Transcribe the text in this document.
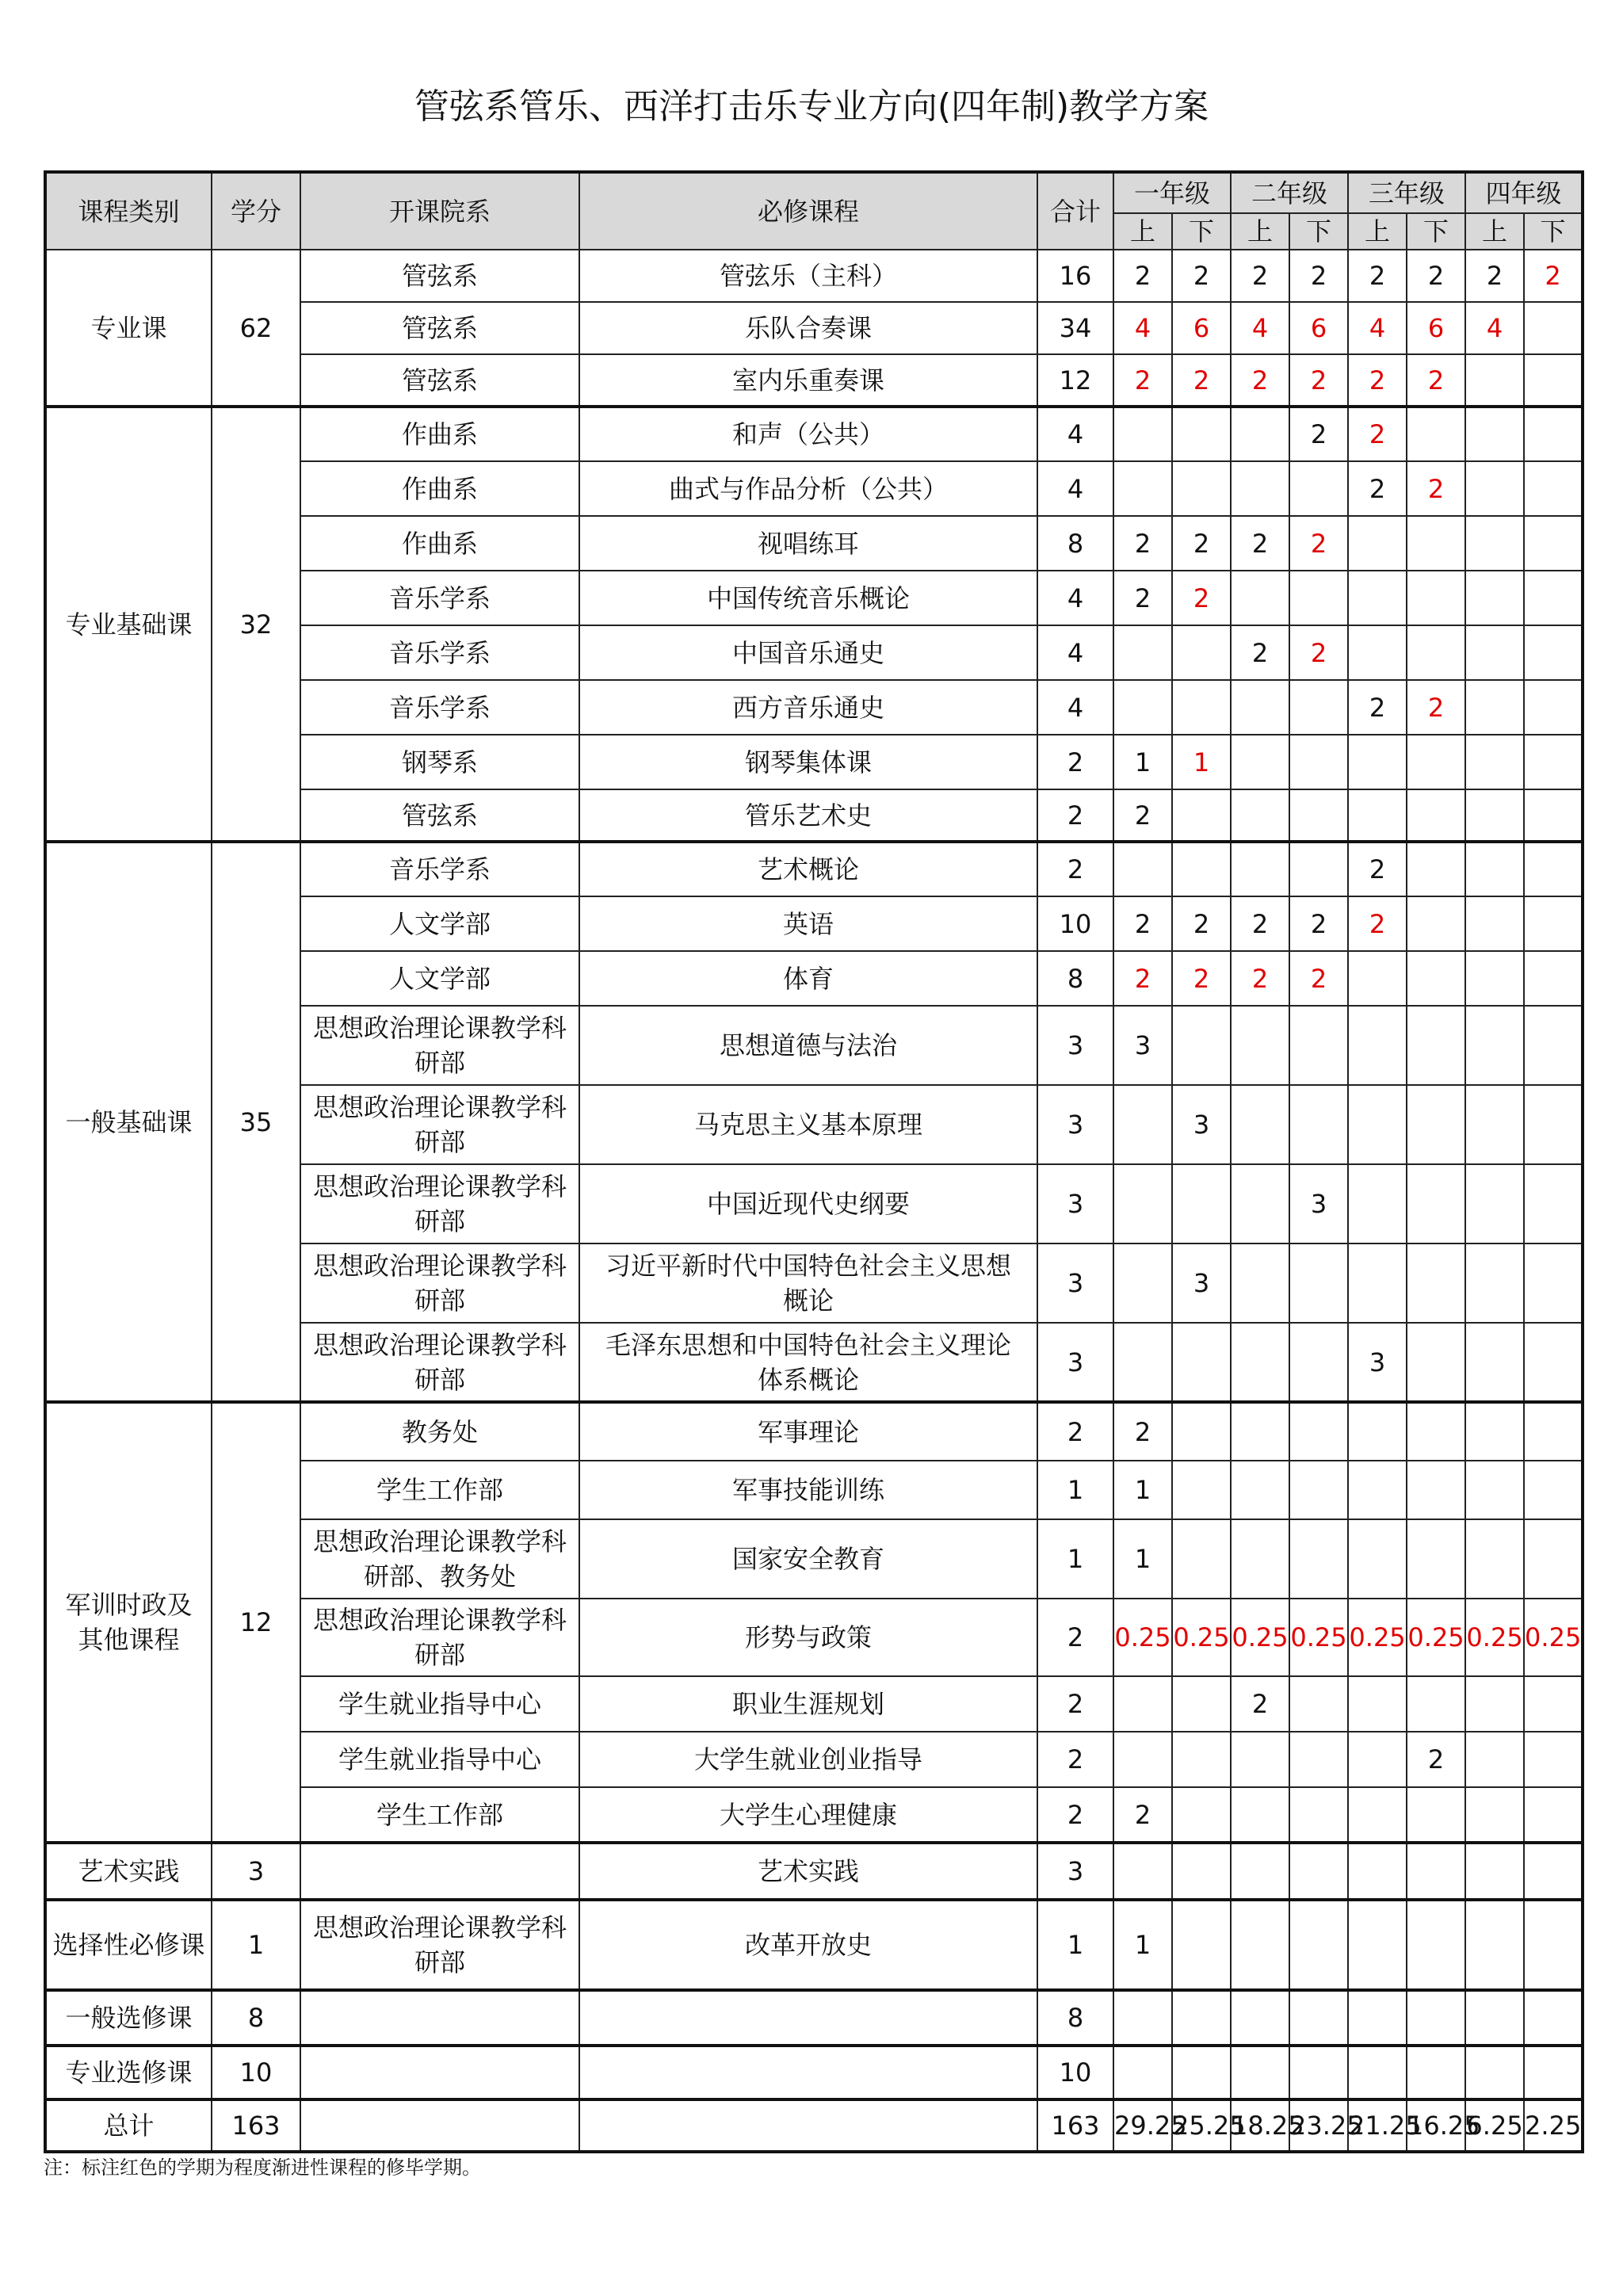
管弦系管乐、西洋打击乐专业方向(四年制)教学方案
课程类别	学分	开课院系	必修课程	合计	一年级		二年级		三年级		四年级	
					上	下	上	下	上	下	上	下
专业课	62	管弦系	管弦乐（主科）	16	2	2	2	2	2	2	2	2
		管弦系	乐队合奏课	34	4	6	4	6	4	6	4	
		管弦系	室内乐重奏课	12	2	2	2	2	2	2		
专业基础课	32	作曲系	和声（公共）	4				2	2			
		作曲系	曲式与作品分析（公共）	4					2	2		
		作曲系	视唱练耳	8	2	2	2	2				
		音乐学系	中国传统音乐概论	4	2	2						
		音乐学系	中国音乐通史	4			2	2				
		音乐学系	西方音乐通史	4					2	2		
		钢琴系	钢琴集体课	2	1	1						
		管弦系	管乐艺术史	2	2							
一般基础课	35	音乐学系	艺术概论	2					2			
		人文学部	英语	10	2	2	2	2	2			
		人文学部	体育	8	2	2	2	2				
		思想政治理论课教学科研部	思想道德与法治	3	3							
		思想政治理论课教学科研部	马克思主义基本原理	3		3						
		思想政治理论课教学科研部	中国近现代史纲要	3				3				
		思想政治理论课教学科研部	习近平新时代中国特色社会主义思想概论	3		3						
		思想政治理论课教学科研部	毛泽东思想和中国特色社会主义理论体系概论	3					3			
军训时政及其他课程	12	教务处	军事理论	2	2							
		学生工作部	军事技能训练	1	1							
		思想政治理论课教学科研部、教务处	国家安全教育	1	1							
		思想政治理论课教学科研部	形势与政策	2	0.25	0.25	0.25	0.25	0.25	0.25	0.25	0.25
		学生就业指导中心	职业生涯规划	2			2					
		学生就业指导中心	大学生就业创业指导	2						2		
		学生工作部	大学生心理健康	2	2							
艺术实践	3		艺术实践	3								
选择性必修课	1	思想政治理论课教学科研部	改革开放史	1	1							
一般选修课	8			8								
专业选修课	10			10								
总计	163			163	29.25	25.25	18.25	23.25	21.25	16.25	6.25	2.25
注：标注红色的学期为程度渐进性课程的修毕学期。
